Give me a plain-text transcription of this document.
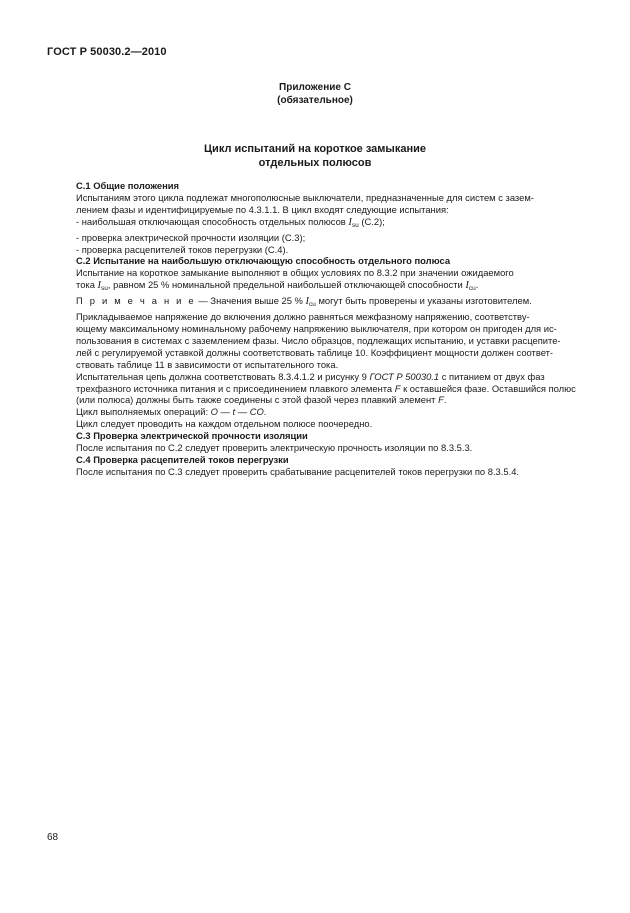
ГОСТ Р 50030.2—2010
Приложение С
(обязательное)
Цикл испытаний на короткое замыкание
отдельных полюсов

С.1 Общие положения

Испытаниям этого цикла подлежат многополюсные выключатели, предназначенные для систем с зазем-

лением фазы и идентифицируемые по 4.3.1.1. В цикл входят следующие испытания:

- наибольшая отключающая способность отдельных полюсов $I_{su}$ (С.2);

- проверка электрической прочности изоляции (С.3);

- проверка расцепителей токов перегрузки (С.4).

С.2 Испытание на наибольшую отключающую способность отдельного полюса

Испытание на короткое замыкание выполняют в общих условиях по 8.3.2 при значении ожидаемого

тока $I_{su}$, равном 25 % номинальной предельной наибольшей отключающей способности $I_{cu}$.

П р и м е ч а н и е — Значения выше 25 % $I_{cu}$ могут быть проверены и указаны изготовителем.

Прикладываемое напряжение до включения должно равняться межфазному напряжению, соответству-

ющему максимальному номинальному рабочему напряжению выключателя, при котором он пригоден для ис-

пользования в системах с заземлением фазы. Число образцов, подлежащих испытанию, и уставки расцепите-

лей с регулируемой уставкой должны соответствовать таблице 10. Коэффициент мощности должен соответ-

ствовать таблице 11 в зависимости от испытательного тока.

Испытательная цепь должна соответствовать 8.3.4.1.2 и рисунку 9 ГОСТ Р 50030.1 с питанием от двух фаз

трехфазного источника питания и с присоединением плавкого элемента F к оставшейся фазе. Оставшийся полюс

(или полюса) должны быть также соединены с этой фазой через плавкий элемент F.

Цикл выполняемых операций: O — t — CO.

Цикл следует проводить на каждом отдельном полюсе поочередно.

С.3 Проверка электрической прочности изоляции

После испытания по С.2 следует проверить электрическую прочность изоляции по 8.3.5.3.

С.4 Проверка расцепителей токов перегрузки

После испытания по С.3 следует проверить срабатывание расцепителей токов перегрузки по 8.3.5.4.

68
